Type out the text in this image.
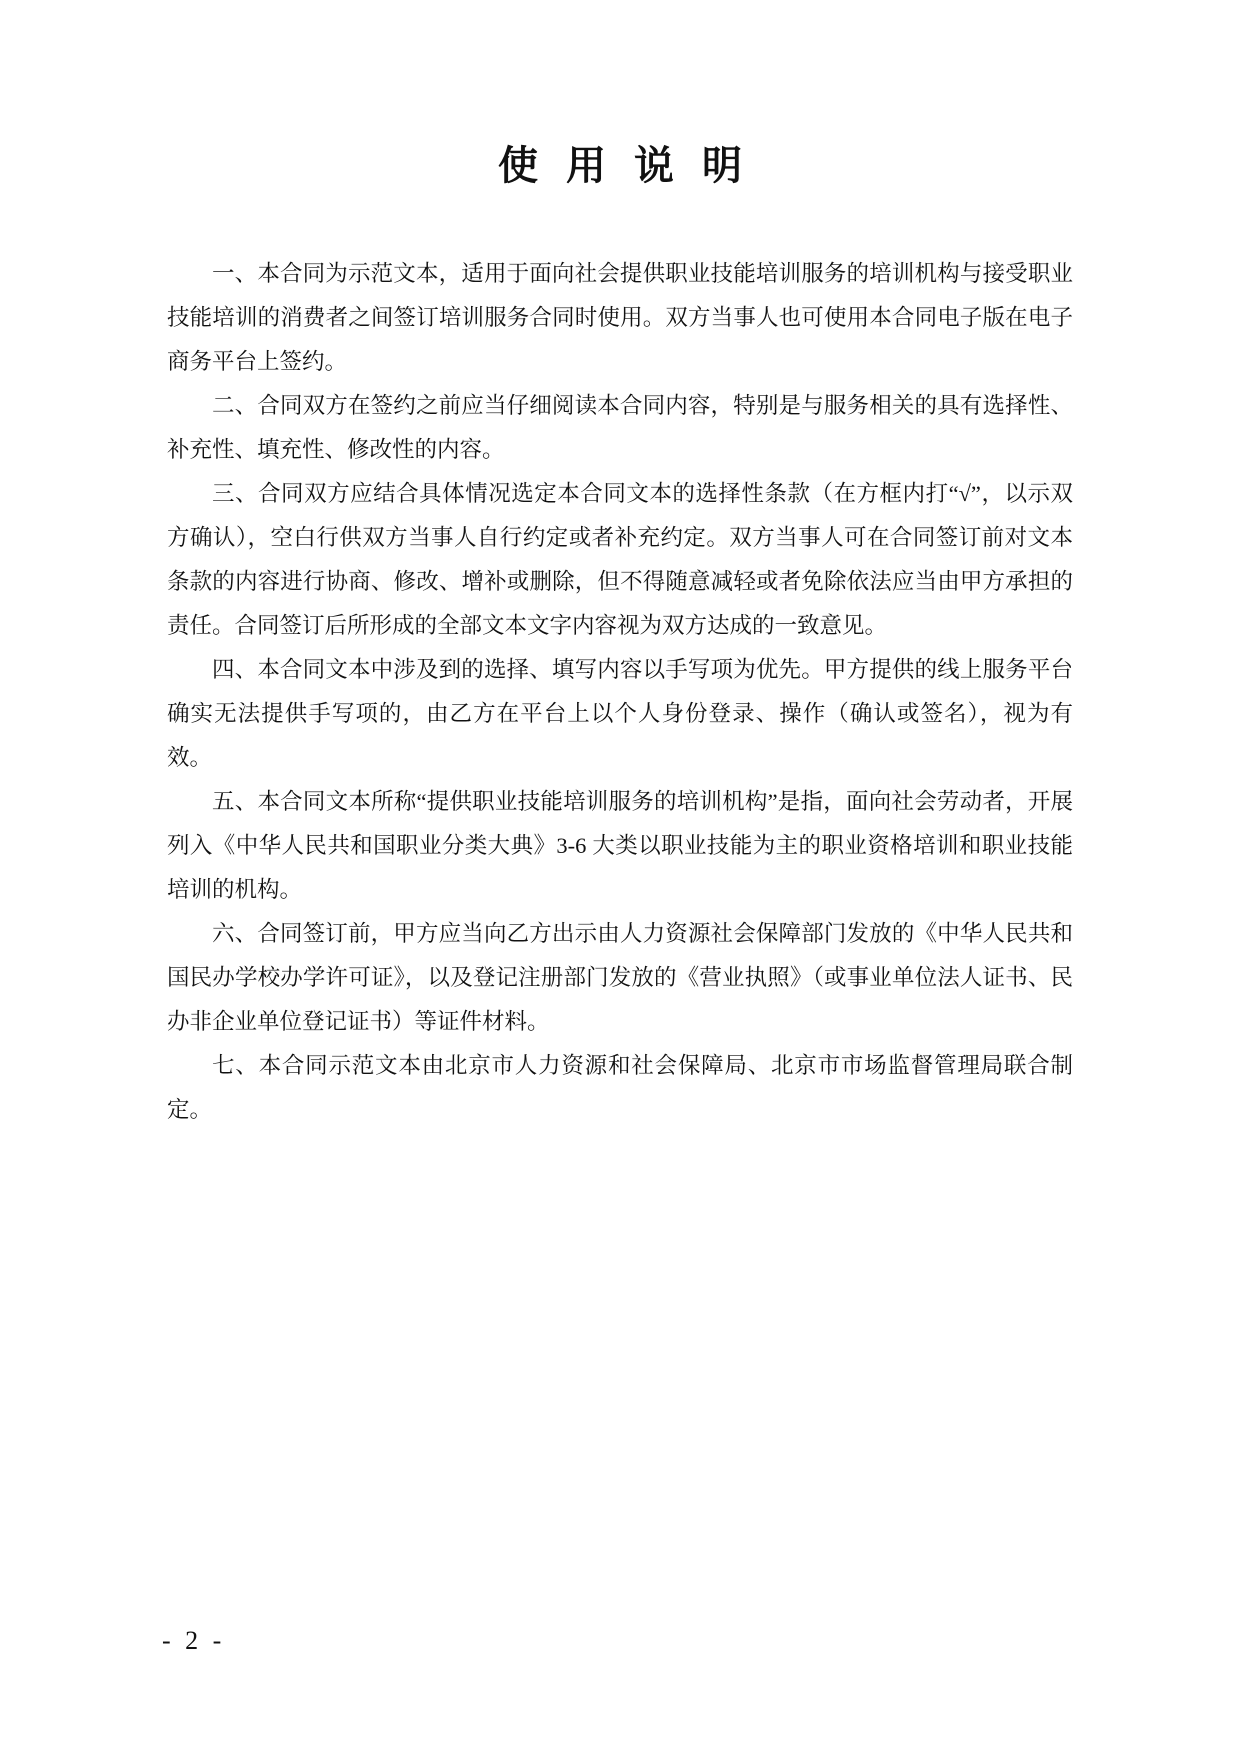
使 用 说 明

一、本合同为示范文本，适用于面向社会提供职业技能培训服务的培训机构与接受职业技能培训的消费者之间签订培训服务合同时使用。双方当事人也可使用本合同电子版在电子商务平台上签约。

二、合同双方在签约之前应当仔细阅读本合同内容，特别是与服务相关的具有选择性、补充性、填充性、修改性的内容。

三、合同双方应结合具体情况选定本合同文本的选择性条款（在方框内打“√”，以示双方确认），空白行供双方当事人自行约定或者补充约定。双方当事人可在合同签订前对文本条款的内容进行协商、修改、增补或删除，但不得随意减轻或者免除依法应当由甲方承担的责任。合同签订后所形成的全部文本文字内容视为双方达成的一致意见。

四、本合同文本中涉及到的选择、填写内容以手写项为优先。甲方提供的线上服务平台确实无法提供手写项的，由乙方在平台上以个人身份登录、操作（确认或签名），视为有效。

五、本合同文本所称“提供职业技能培训服务的培训机构”是指，面向社会劳动者，开展列入《中华人民共和国职业分类大典》3-6 大类以职业技能为主的职业资格培训和职业技能培训的机构。

六、合同签订前，甲方应当向乙方出示由人力资源社会保障部门发放的《中华人民共和国民办学校办学许可证》，以及登记注册部门发放的《营业执照》（或事业单位法人证书、民办非企业单位登记证书）等证件材料。

七、本合同示范文本由北京市人力资源和社会保障局、北京市市场监督管理局联合制定。

- 2 -
